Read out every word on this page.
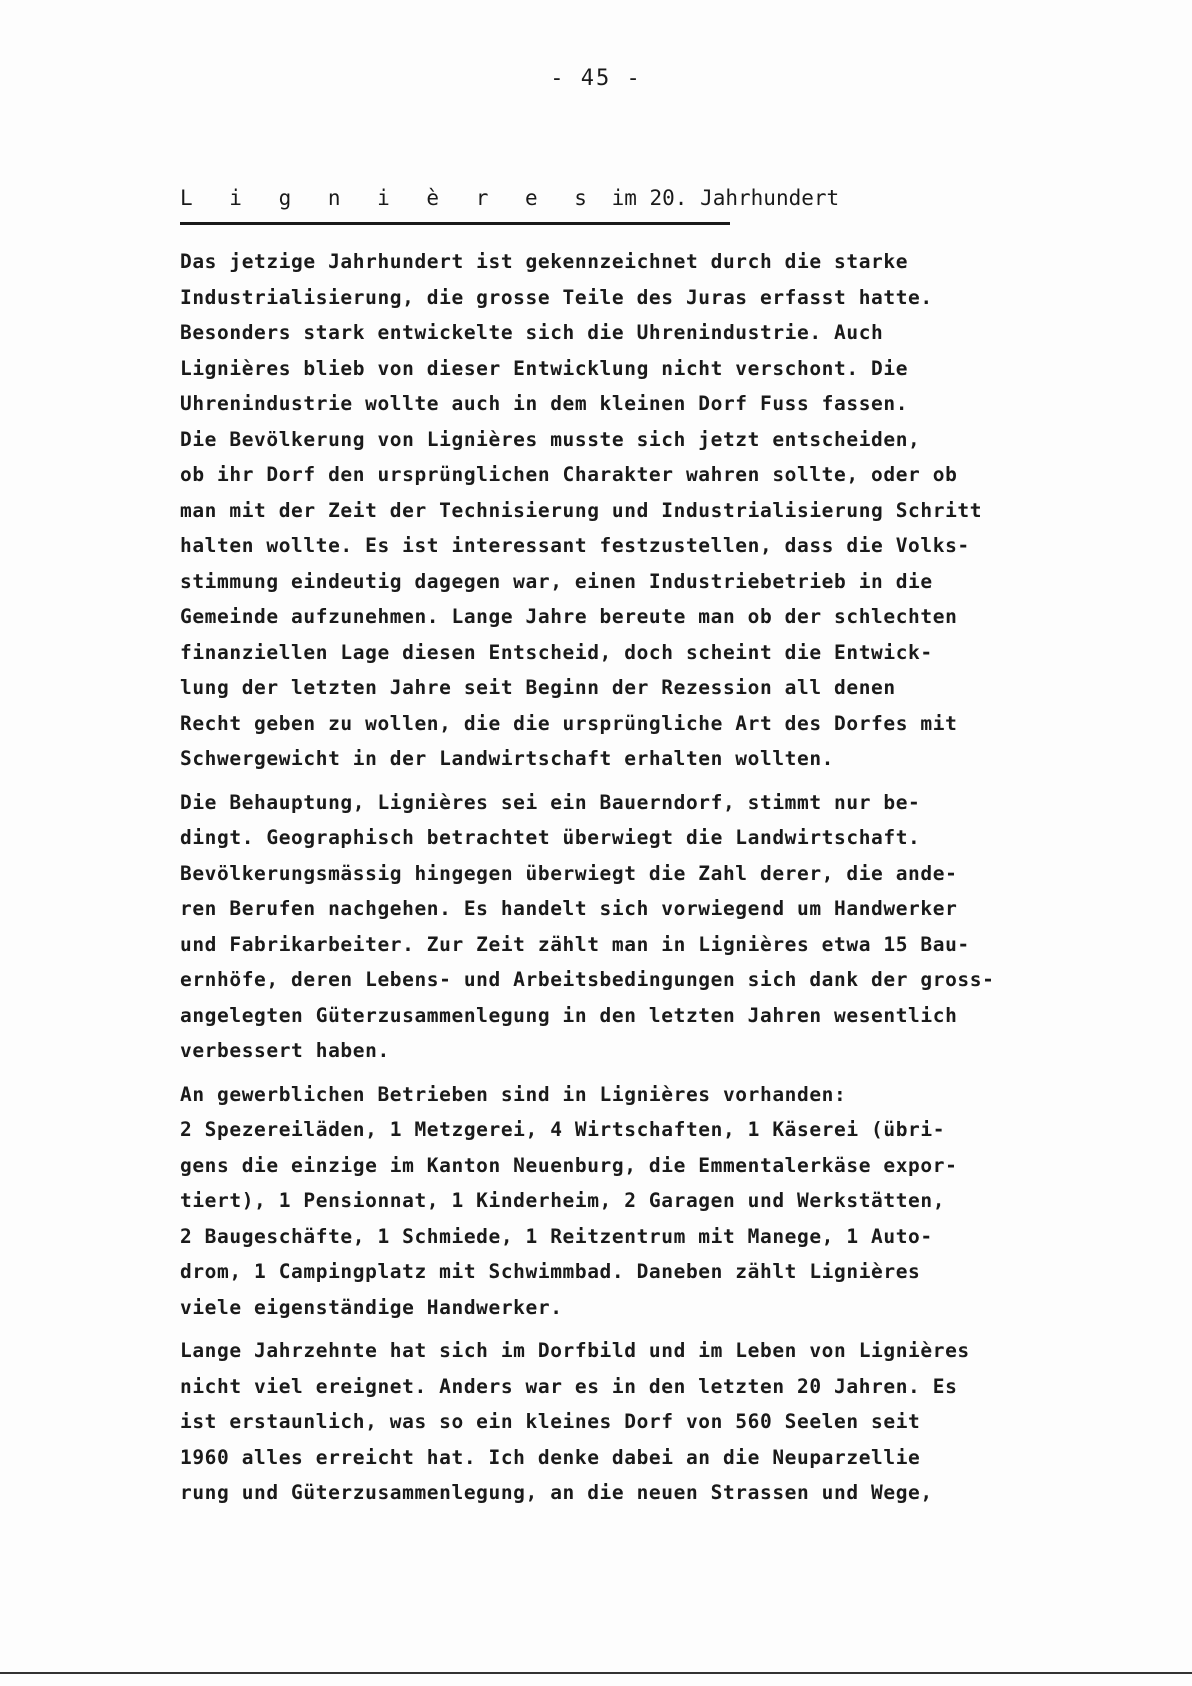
- 45 -
L i g n i è r e s im 20. Jahrhundert
Das jetzige Jahrhundert ist gekennzeichnet durch die starke
Industrialisierung, die grosse Teile des Juras erfasst hatte.
Besonders stark entwickelte sich die Uhrenindustrie. Auch
Lignières blieb von dieser Entwicklung nicht verschont. Die
Uhrenindustrie wollte auch in dem kleinen Dorf Fuss fassen.
Die Bevölkerung von Lignières musste sich jetzt entscheiden,
ob ihr Dorf den ursprünglichen Charakter wahren sollte, oder ob
man mit der Zeit der Technisierung und Industrialisierung Schritt
halten wollte. Es ist interessant festzustellen, dass die Volks-
stimmung eindeutig dagegen war, einen Industriebetrieb in die
Gemeinde aufzunehmen. Lange Jahre bereute man ob der schlechten
finanziellen Lage diesen Entscheid, doch scheint die Entwick-
lung der letzten Jahre seit Beginn der Rezession all denen
Recht geben zu wollen, die die ursprüngliche Art des Dorfes mit
Schwergewicht in der Landwirtschaft erhalten wollten.
Die Behauptung, Lignières sei ein Bauerndorf, stimmt nur be-
dingt. Geographisch betrachtet überwiegt die Landwirtschaft.
Bevölkerungsmässig hingegen überwiegt die Zahl derer, die ande-
ren Berufen nachgehen. Es handelt sich vorwiegend um Handwerker
und Fabrikarbeiter. Zur Zeit zählt man in Lignières etwa 15 Bau-
ernhöfe, deren Lebens- und Arbeitsbedingungen sich dank der gross-
angelegten Güterzusammenlegung in den letzten Jahren wesentlich
verbessert haben.
An gewerblichen Betrieben sind in Lignières vorhanden:
2 Spezereiläden, 1 Metzgerei, 4 Wirtschaften, 1 Käserei (übri-
gens die einzige im Kanton Neuenburg, die Emmentalerkäse expor-
tiert), 1 Pensionnat, 1 Kinderheim, 2 Garagen und Werkstätten,
2 Baugeschäfte, 1 Schmiede, 1 Reitzentrum mit Manege, 1 Auto-
drom, 1 Campingplatz mit Schwimmbad. Daneben zählt Lignières
viele eigenständige Handwerker.
Lange Jahrzehnte hat sich im Dorfbild und im Leben von Lignières
nicht viel ereignet. Anders war es in den letzten 20 Jahren. Es
ist erstaunlich, was so ein kleines Dorf von 560 Seelen seit
1960 alles erreicht hat. Ich denke dabei an die Neuparzellie
rung und Güterzusammenlegung, an die neuen Strassen und Wege,
